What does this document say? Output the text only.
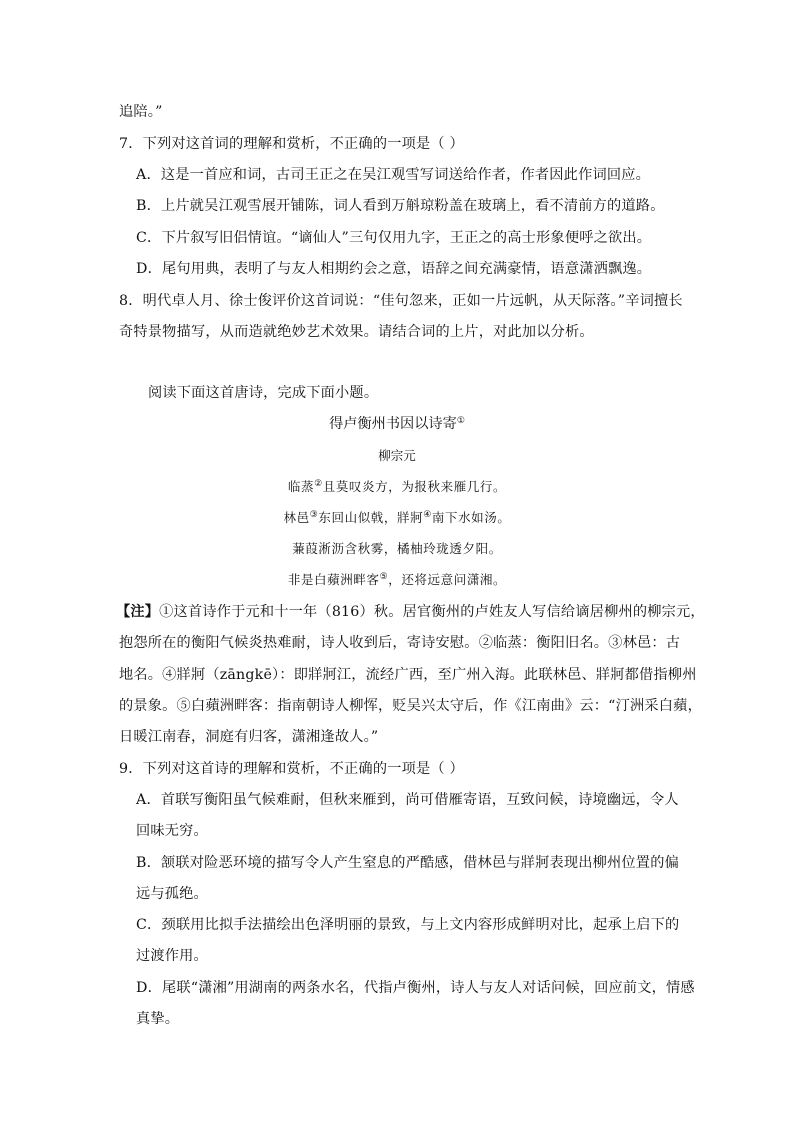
追陪。”
7．下列对这首词的理解和赏析，不正确的一项是（ ）
A．这是一首应和词，古司王正之在吴江观雪写词送给作者，作者因此作词回应。
B．上片就吴江观雪展开铺陈，词人看到万斛琼粉盖在玻璃上，看不清前方的道路。
C．下片叙写旧侣情谊。“谪仙人”三句仅用九字，王正之的高士形象便呼之欲出。
D．尾句用典，表明了与友人相期约会之意，语辞之间充满豪情，语意潇洒飘逸。
8．明代卓人月、徐士俊评价这首词说：“佳句忽来，正如一片远帆，从天际落。”辛词擅长
奇特景物描写，从而造就绝妙艺术效果。请结合词的上片，对此加以分析。
阅读下面这首唐诗，完成下面小题。
得卢衡州书因以诗寄①
柳宗元
临蒸②且莫叹炎方，为报秋来雁几行。
林邑③东回山似戟，牂牁④南下水如汤。
蒹葭淅沥含秋雾，橘柚玲珑透夕阳。
非是白蘋洲畔客⑤，还将远意问潇湘。
【注】①这首诗作于元和十一年（816）秋。居官衡州的卢姓友人写信给谪居柳州的柳宗元，
抱怨所在的衡阳气候炎热难耐，诗人收到后，寄诗安慰。②临蒸：衡阳旧名。③林邑：古
地名。④牂牁（zāngkē）：即牂牁江，流经广西，至广州入海。此联林邑、牂牁都借指柳州
的景象。⑤白蘋洲畔客：指南朝诗人柳恽，贬吴兴太守后，作《江南曲》云：“汀洲采白蘋，
日暖江南春，洞庭有归客，潇湘逢故人。”
9．下列对这首诗的理解和赏析，不正确的一项是（ ）
A．首联写衡阳虽气候难耐，但秋来雁到，尚可借雁寄语，互致问候，诗境幽远，令人
回味无穷。
B．颔联对险恶环境的描写令人产生窒息的严酷感，借林邑与牂牁表现出柳州位置的偏
远与孤绝。
C．颈联用比拟手法描绘出色泽明丽的景致，与上文内容形成鲜明对比，起承上启下的
过渡作用。
D．尾联“潇湘”用湖南的两条水名，代指卢衡州，诗人与友人对话问候，回应前文，情感
真挚。
